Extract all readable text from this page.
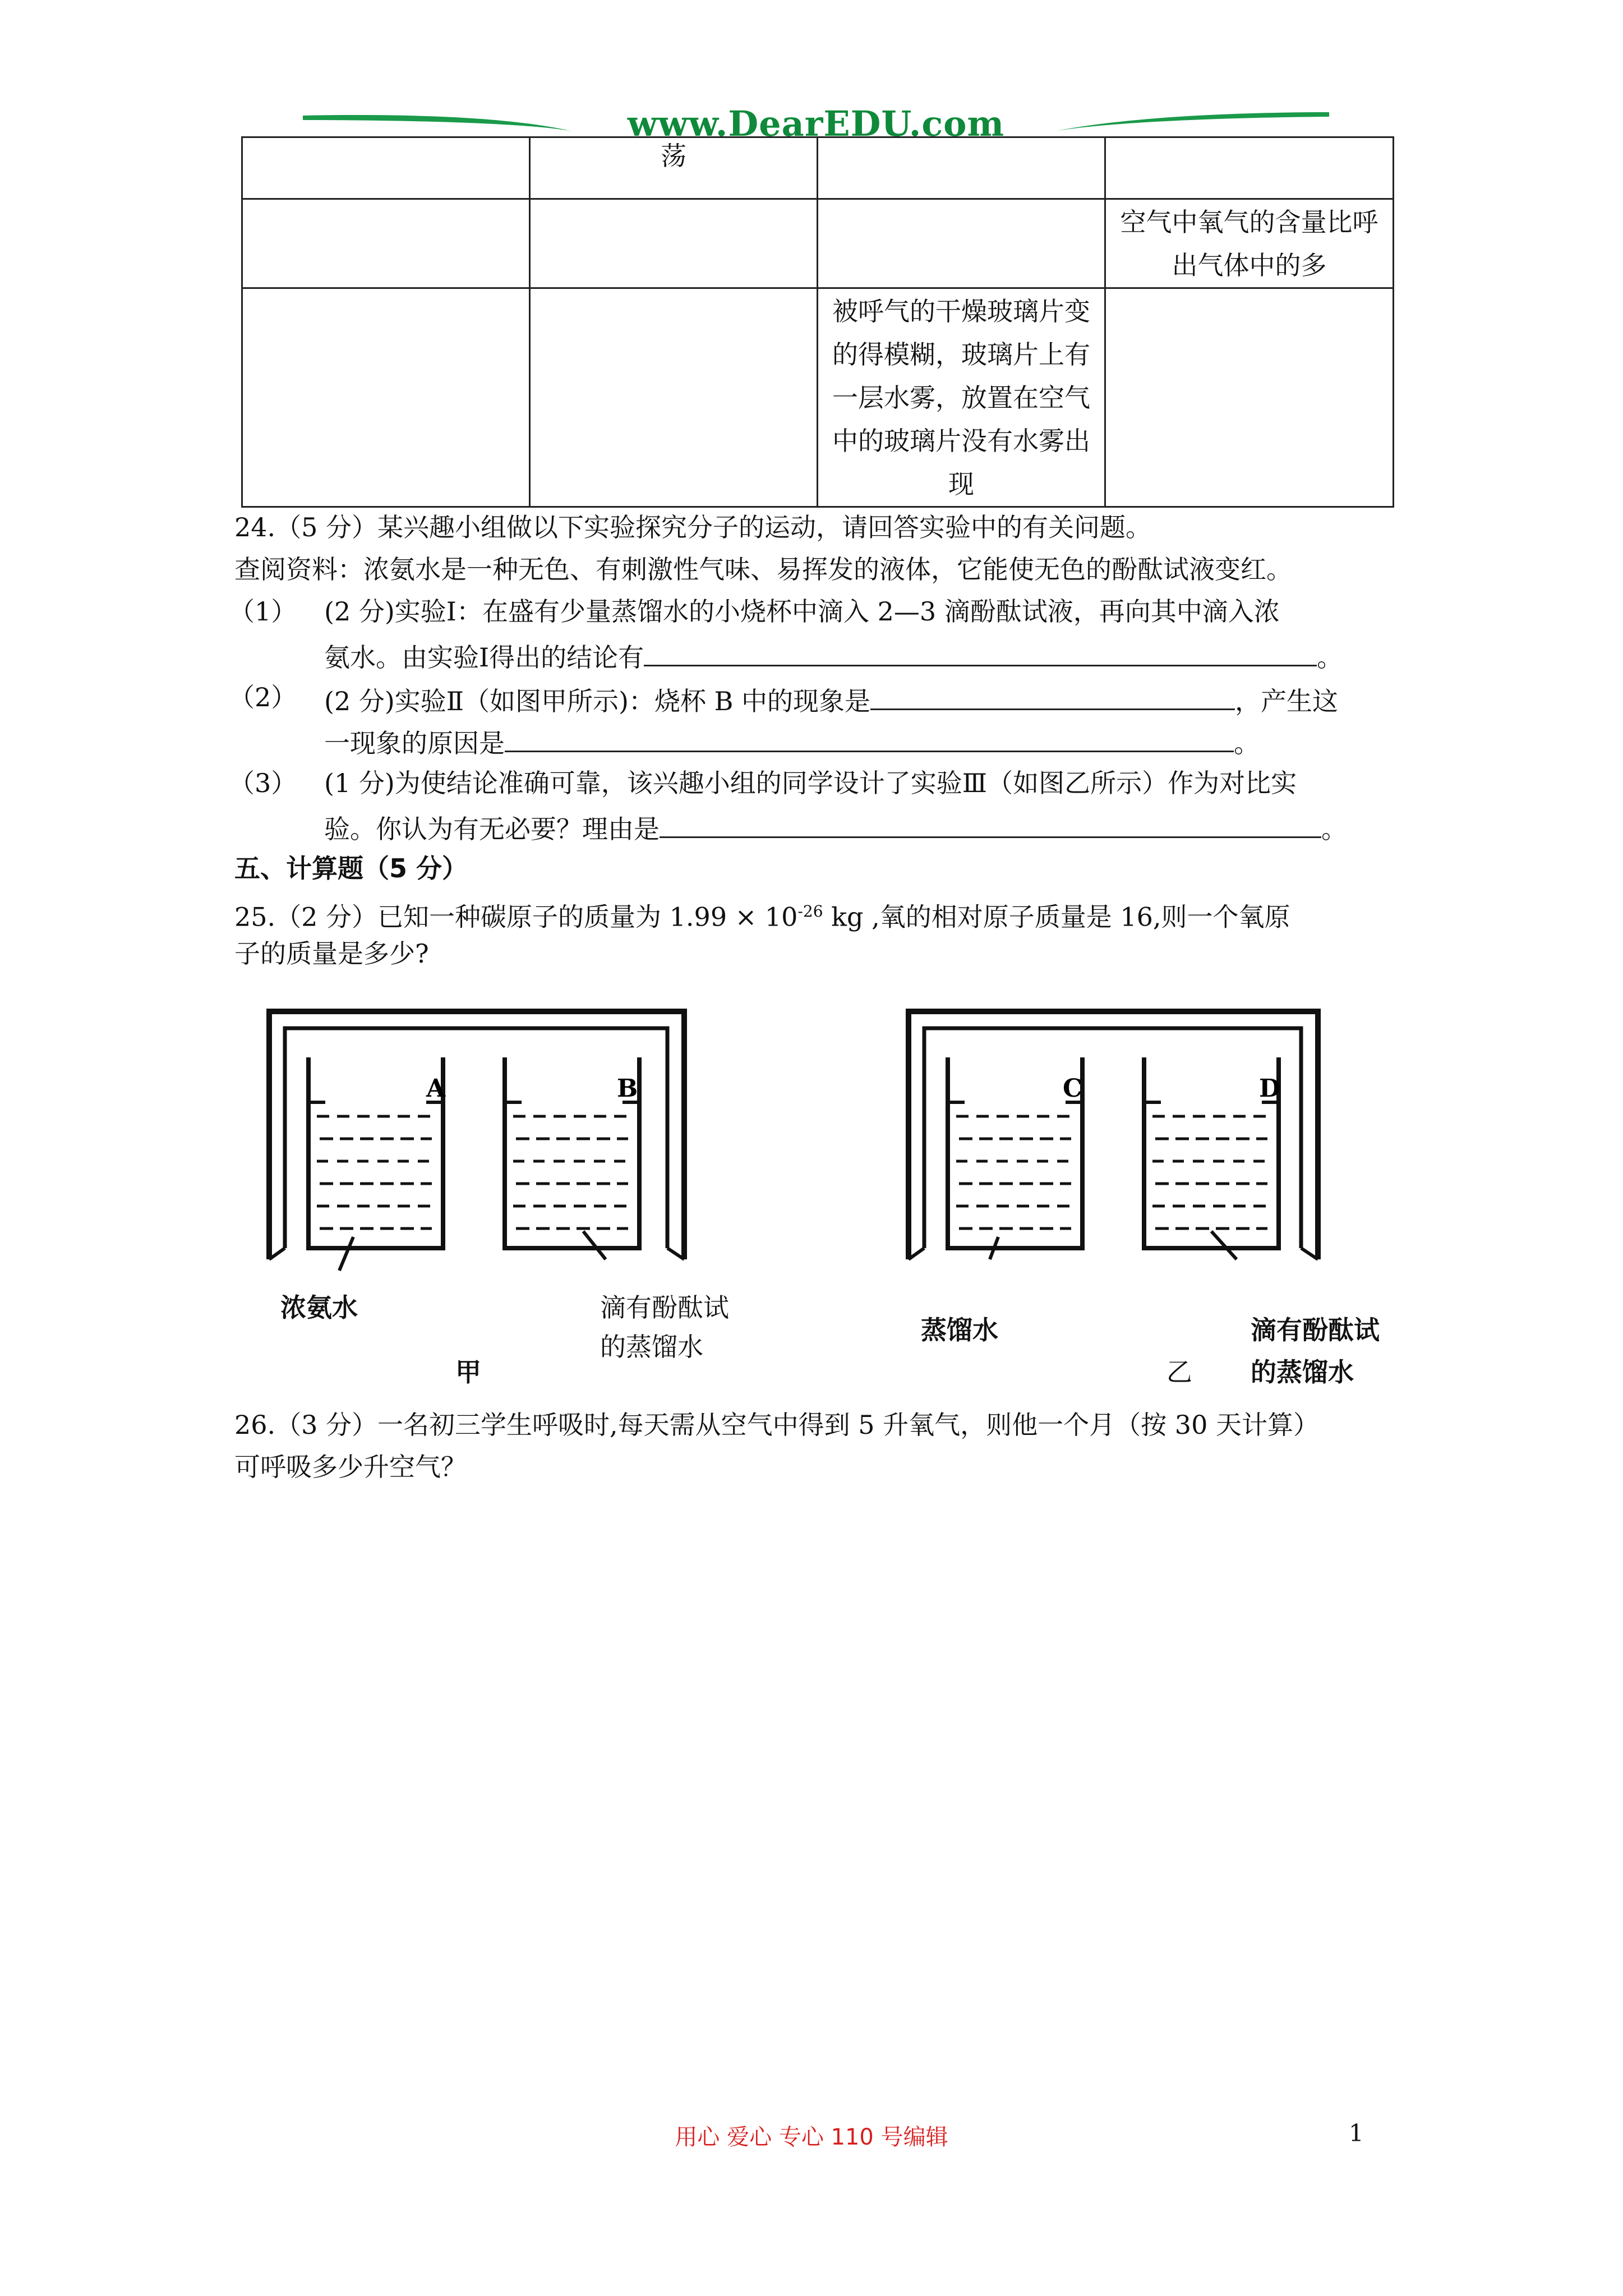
www.DearEDU.com
	荡		
			空气中氧气的含量比呼出气体中的多
		被呼气的干燥玻璃片变的得模糊，玻璃片上有一层水雾，放置在空气中的玻璃片没有水雾出现	
24.（5 分）某兴趣小组做以下实验探究分子的运动，请回答实验中的有关问题。
查阅资料：浓氨水是一种无色、有刺激性气味、易挥发的液体，它能使无色的酚酞试液变红。
（1） (2 分)实验Ⅰ：在盛有少量蒸馏水的小烧杯中滴入 2—3 滴酚酞试液，再向其中滴入浓
氨水。由实验Ⅰ得出的结论有	。
（2） (2 分)实验Ⅱ（如图甲所示)：烧杯 B 中的现象是	，产生这
一现象的原因是	。
（3） (1 分)为使结论准确可靠，该兴趣小组的同学设计了实验Ⅲ（如图乙所示）作为对比实
验。你认为有无必要？理由是	。
五、计算题（5 分）
25.（2 分）已知一种碳原子的质量为 $1.99 \times 10^{-26}$ kg ,氧的相对原子质量是 16,则一个氧原
子的质量是多少?
A	B	C	D
浓氨水	滴有酚酞试
的蒸馏水
甲
蒸馏水	滴有酚酞试
乙 的蒸馏水
26.（3 分）一名初三学生呼吸时,每天需从空气中得到 5 升氧气，则他一个月（按 30 天计算）
可呼吸多少升空气？
用心 爱心 专心 110 号编辑	1
